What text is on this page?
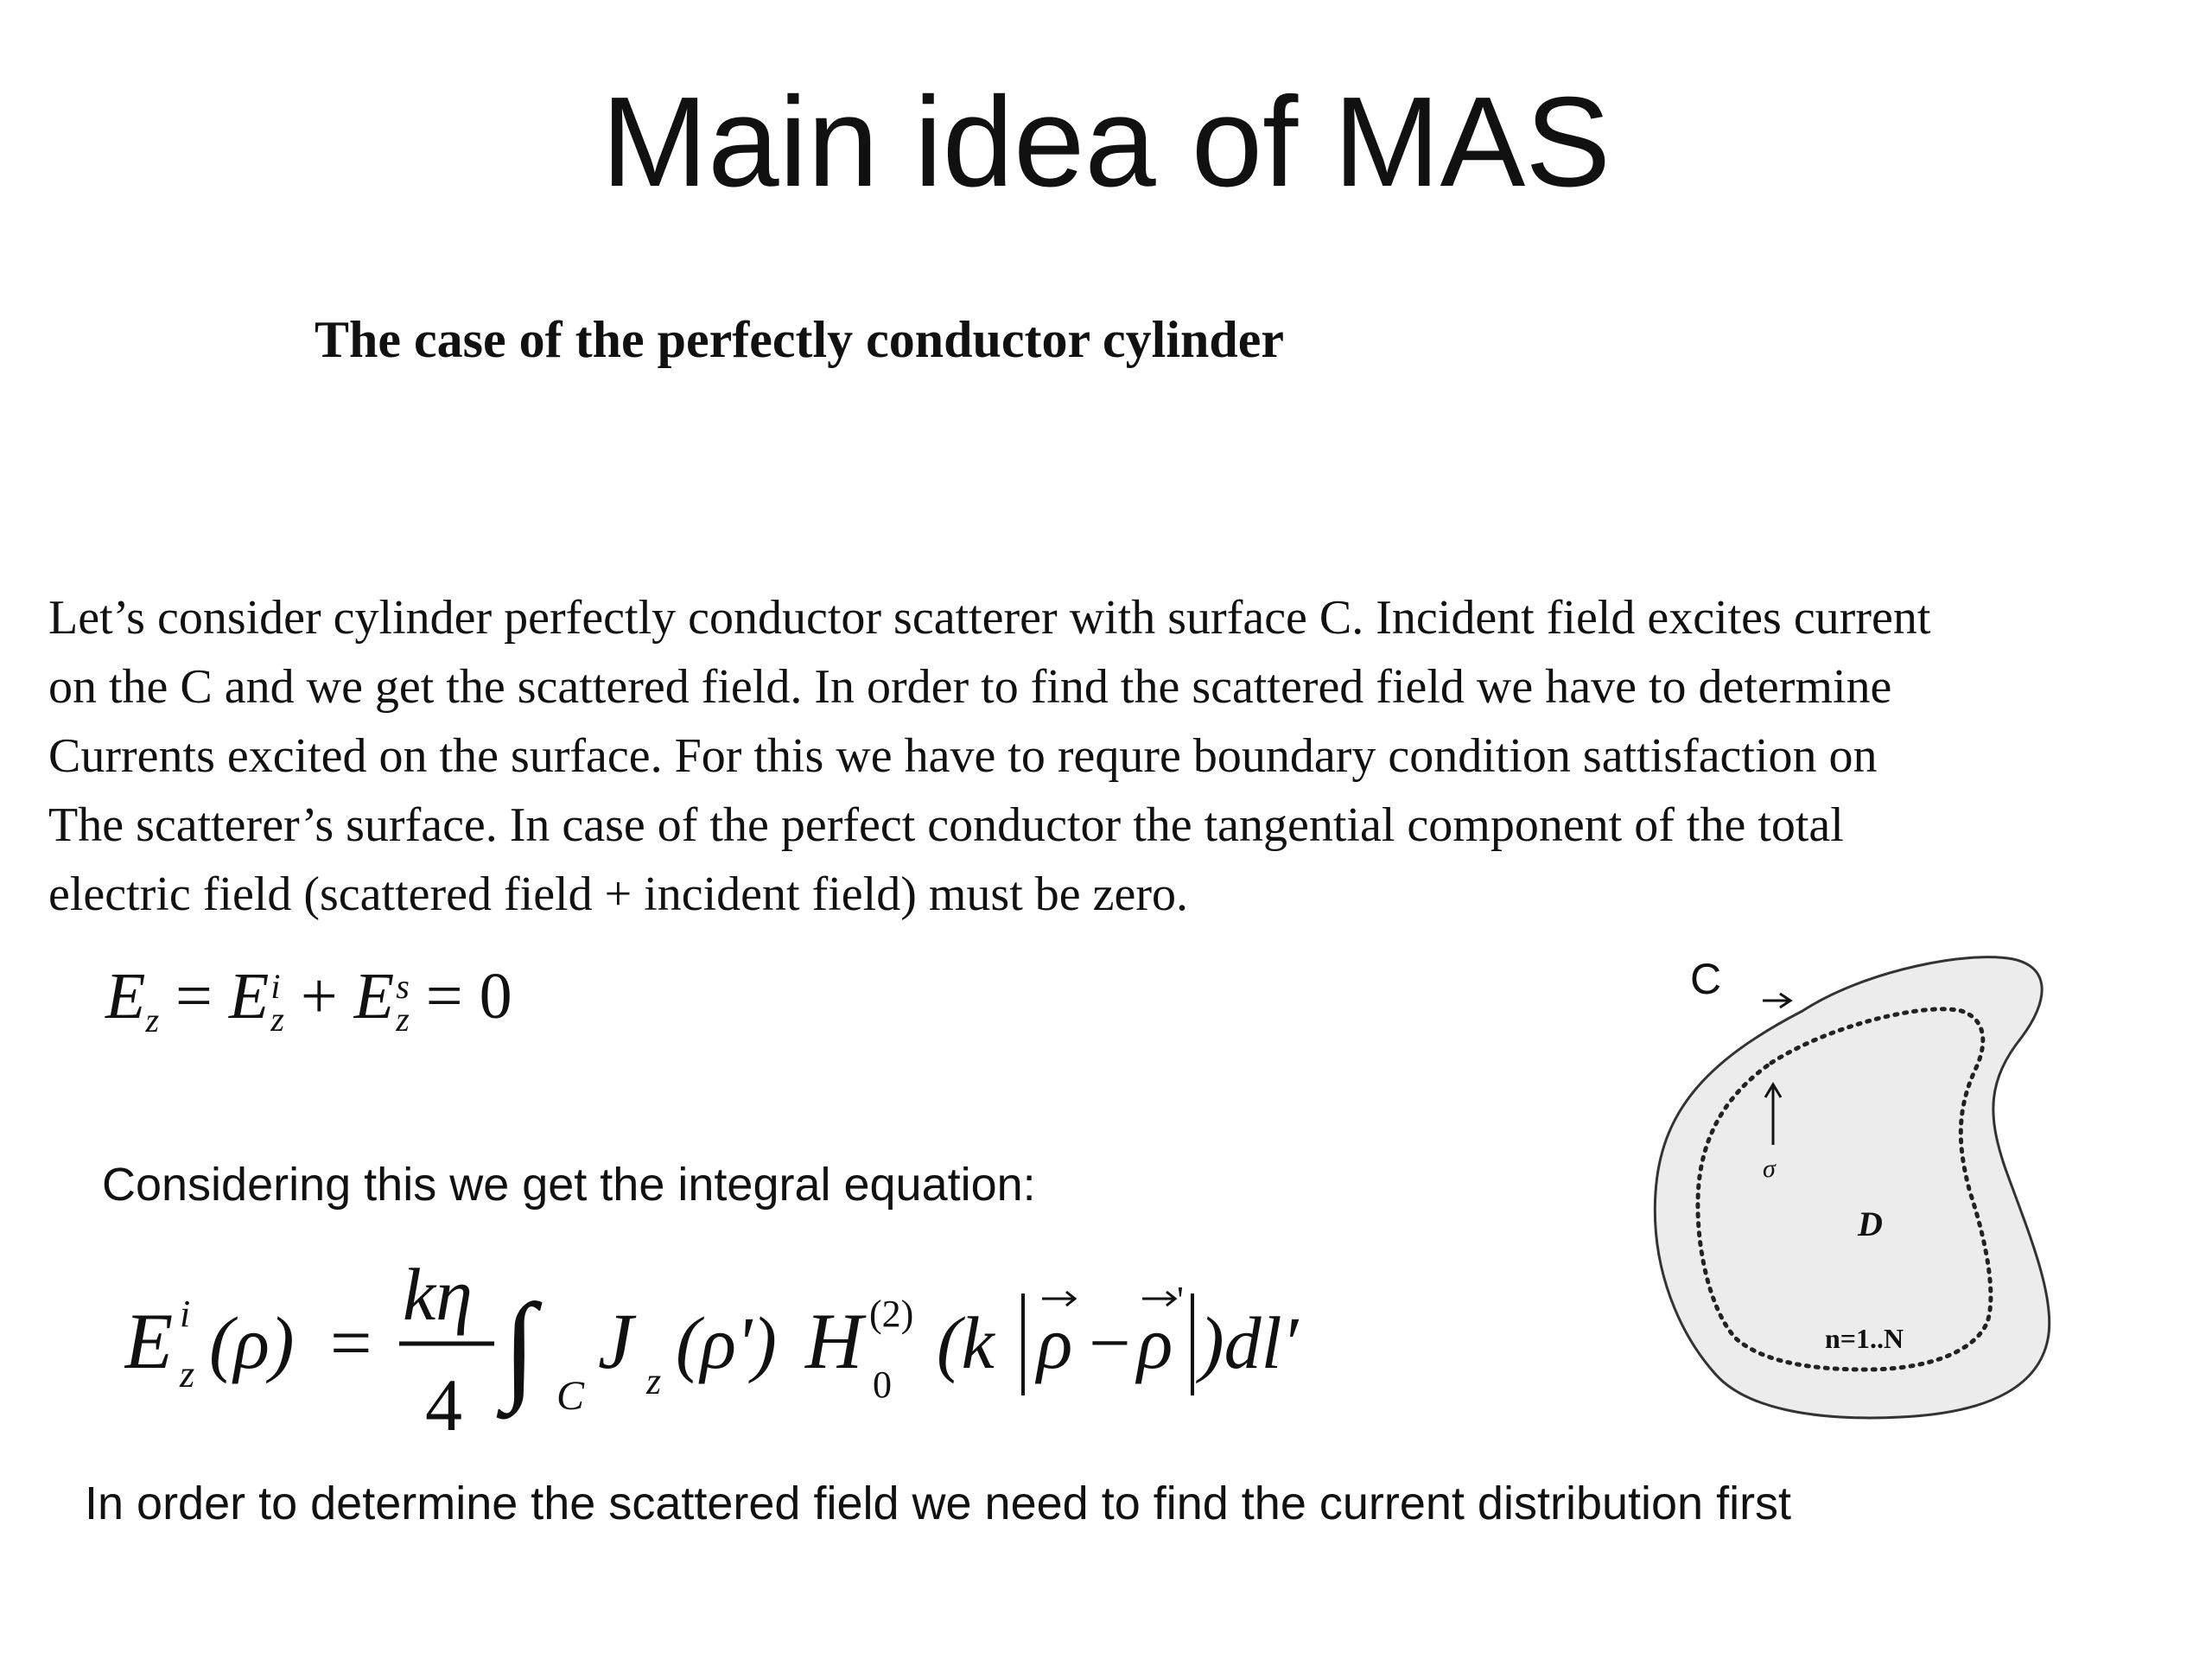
Main idea of MAS
The case of the perfectly conductor cylinder
Let’s consider cylinder perfectly conductor scatterer with surface C. Incident field excites current
on the C and we get the scattered field. In order to find the scattered field we have to determine
Currents excited on the surface. For this we have to requre boundary condition sattisfaction on
The scatterer’s surface. In case of the perfect conductor the tangential component of the total
electric field (scattered field + incident field) must be zero.
$E_z = E$ i
z + E s
z = 0
Considering this we get the integral equation:
E i
z (ρ) =
kη
4 ∫ C
J z (ρ') H (2)
0
(k ρ − ρ
'
)dl′
In order to determine the scattered field we need to find the current distribution first
C
σ
D
n=1..N
